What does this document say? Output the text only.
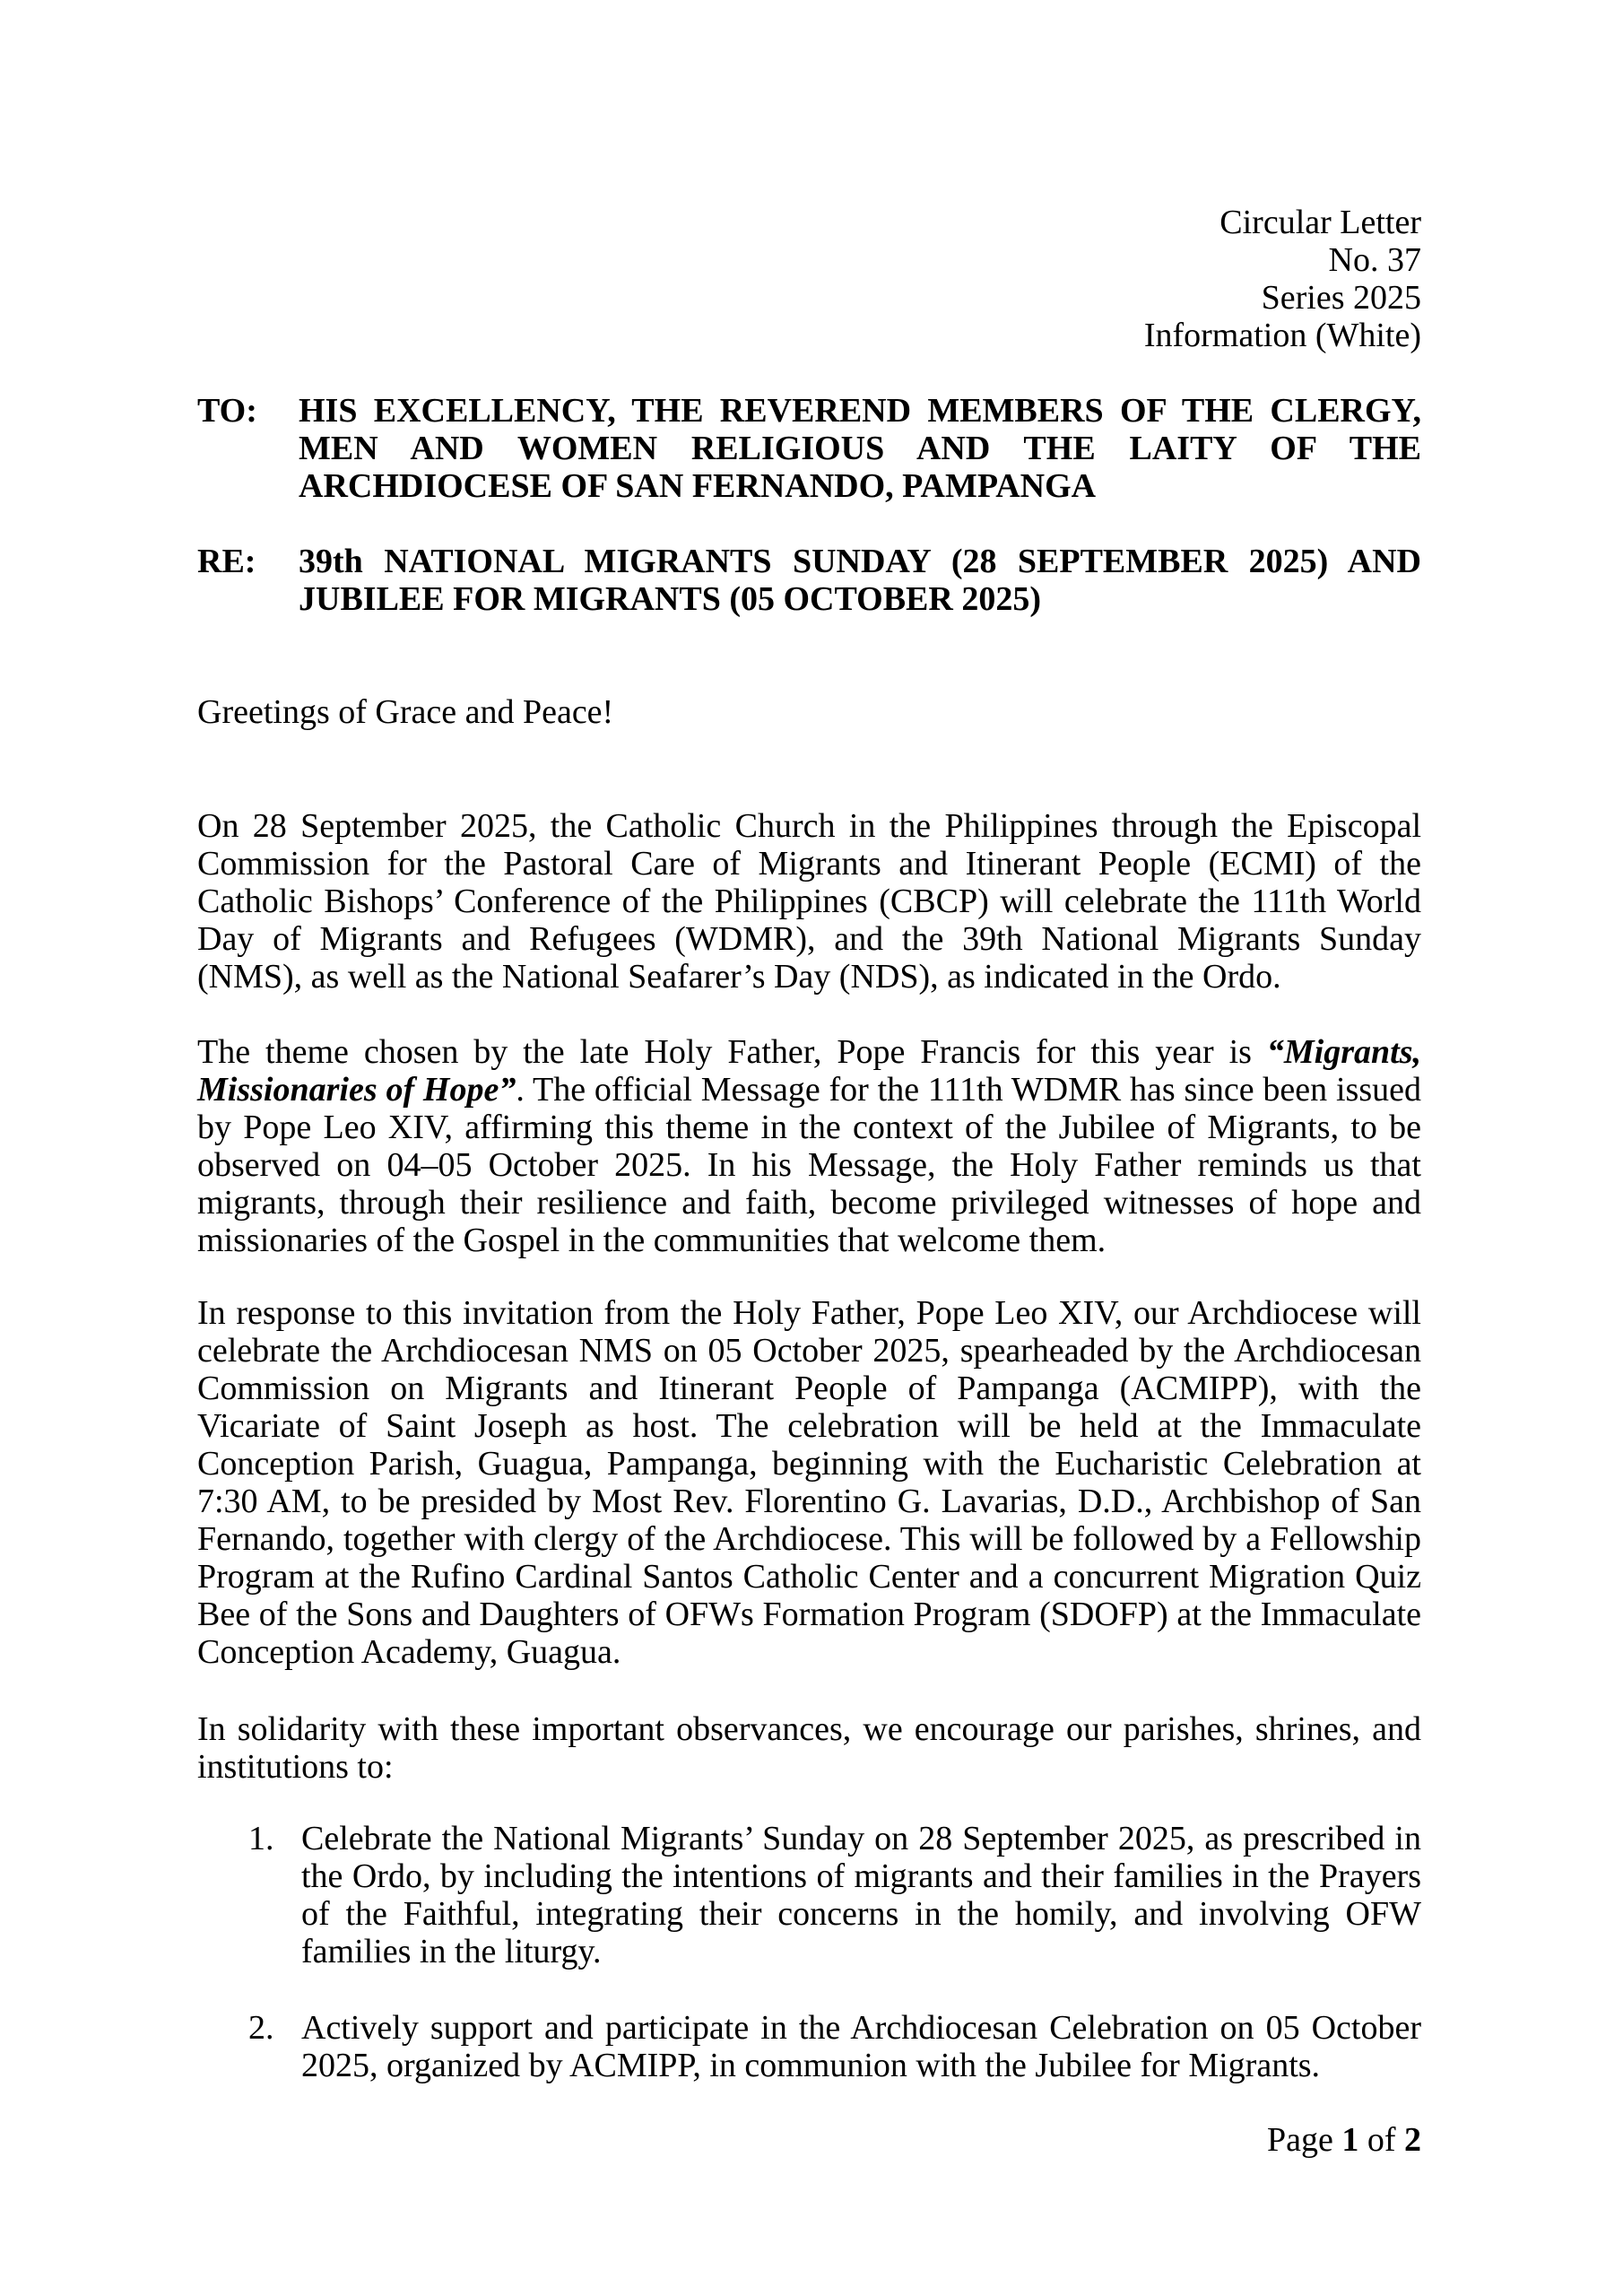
Circular Letter
No. 37
Series 2025
Information (White)
TO:	HIS EXCELLENCY, THE REVEREND MEMBERS OF THE CLERGY, MEN AND WOMEN RELIGIOUS AND THE LAITY OF THE ARCHDIOCESE OF SAN FERNANDO, PAMPANGA
RE:	39th NATIONAL MIGRANTS SUNDAY (28 SEPTEMBER 2025) AND JUBILEE FOR MIGRANTS (05 OCTOBER 2025)

Greetings of Grace and Peace!

On 28 September 2025, the Catholic Church in the Philippines through the Episcopal Commission for the Pastoral Care of Migrants and Itinerant People (ECMI) of the Catholic Bishops’ Conference of the Philippines (CBCP) will celebrate the 111th World Day of Migrants and Refugees (WDMR), and the 39th National Migrants Sunday (NMS), as well as the National Seafarer’s Day (NDS), as indicated in the Ordo.

The theme chosen by the late Holy Father, Pope Francis for this year is “Migrants, Missionaries of Hope”. The official Message for the 111th WDMR has since been issued by Pope Leo XIV, affirming this theme in the context of the Jubilee of Migrants, to be observed on 04–05 October 2025. In his Message, the Holy Father reminds us that migrants, through their resilience and faith, become privileged witnesses of hope and missionaries of the Gospel in the communities that welcome them.

In response to this invitation from the Holy Father, Pope Leo XIV, our Archdiocese will celebrate the Archdiocesan NMS on 05 October 2025, spearheaded by the Archdiocesan Commission on Migrants and Itinerant People of Pampanga (ACMIPP), with the Vicariate of Saint Joseph as host. The celebration will be held at the Immaculate Conception Parish, Guagua, Pampanga, beginning with the Eucharistic Celebration at 7:30 AM, to be presided by Most Rev. Florentino G. Lavarias, D.D., Archbishop of San Fernando, together with clergy of the Archdiocese. This will be followed by a Fellowship Program at the Rufino Cardinal Santos Catholic Center and a concurrent Migration Quiz Bee of the Sons and Daughters of OFWs Formation Program (SDOFP) at the Immaculate Conception Academy, Guagua.

In solidarity with these important observances, we encourage our parishes, shrines, and institutions to:

1. Celebrate the National Migrants’ Sunday on 28 September 2025, as prescribed in the Ordo, by including the intentions of migrants and their families in the Prayers of the Faithful, integrating their concerns in the homily, and involving OFW families in the liturgy.
2. Actively support and participate in the Archdiocesan Celebration on 05 October 2025, organized by ACMIPP, in communion with the Jubilee for Migrants.
Page 1 of 2
